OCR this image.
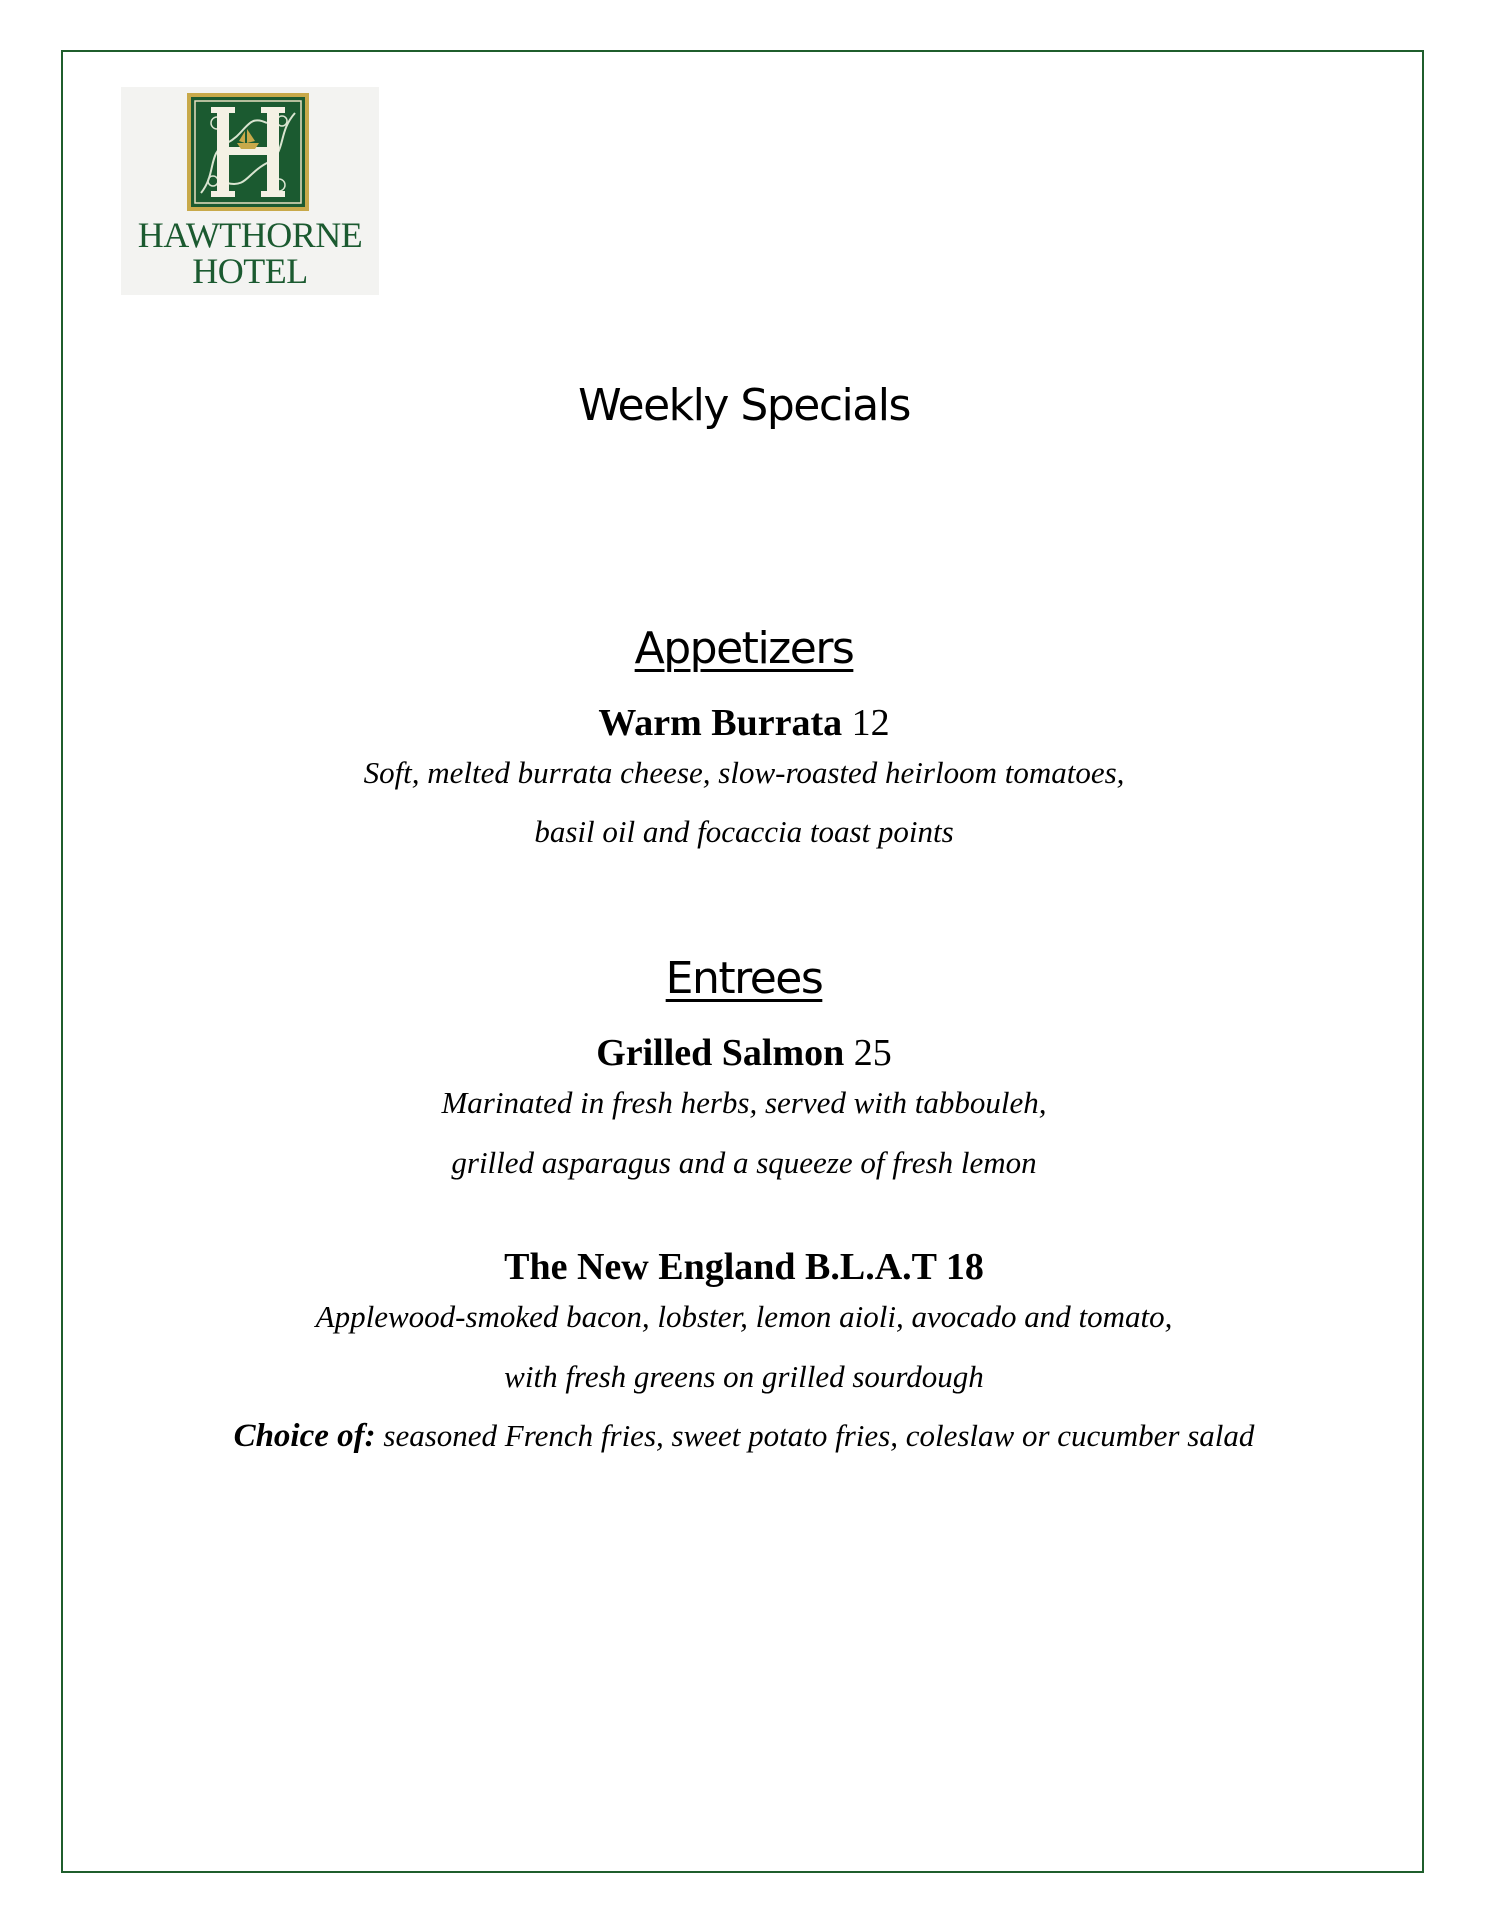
HAWTHORNE
HOTEL
Weekly Specials
Appetizers
Warm Burrata 12
Soft, melted burrata cheese, slow-roasted heirloom tomatoes,
basil oil and focaccia toast points
Entrees
Grilled Salmon 25
Marinated in fresh herbs, served with tabbouleh,
grilled asparagus and a squeeze of fresh lemon
The New England B.L.A.T 18
Applewood-smoked bacon, lobster, lemon aioli, avocado and tomato,
with fresh greens on grilled sourdough
Choice of: seasoned French fries, sweet potato fries, coleslaw or cucumber salad
